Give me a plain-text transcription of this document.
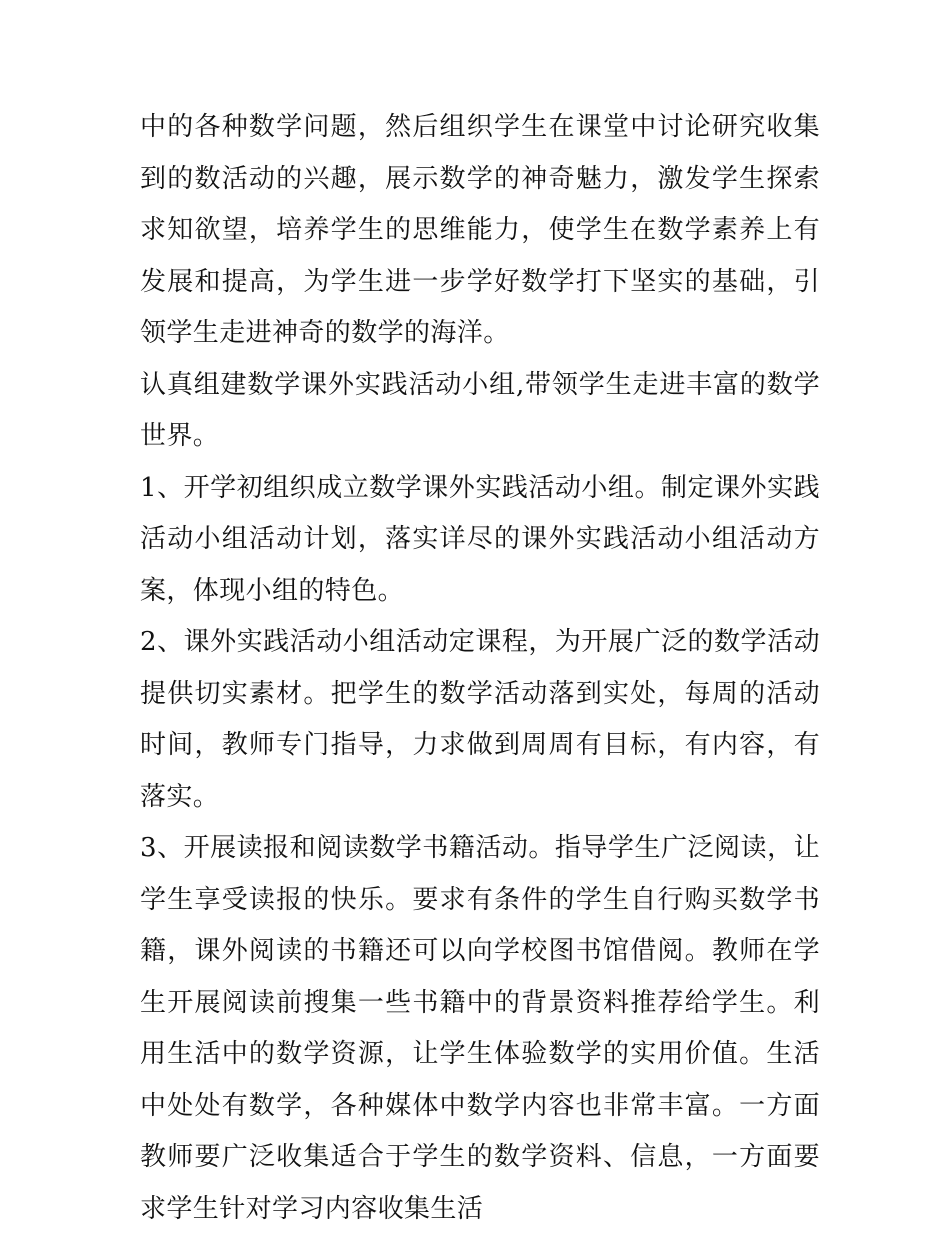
中的各种数学问题，然后组织学生在课堂中讨论研究收集到的数活动的兴趣，展示数学的神奇魅力，激发学生探索求知欲望，培养学生的思维能力，使学生在数学素养上有发展和提高，为学生进一步学好数学打下坚实的基础，引领学生走进神奇的数学的海洋。

认真组建数学课外实践活动小组,带领学生走进丰富的数学世界。

1、开学初组织成立数学课外实践活动小组。制定课外实践活动小组活动计划，落实详尽的课外实践活动小组活动方案，体现小组的特色。

2、课外实践活动小组活动定课程，为开展广泛的数学活动提供切实素材。把学生的数学活动落到实处，每周的活动时间，教师专门指导，力求做到周周有目标，有内容，有落实。

3、开展读报和阅读数学书籍活动。指导学生广泛阅读，让学生享受读报的快乐。要求有条件的学生自行购买数学书籍，课外阅读的书籍还可以向学校图书馆借阅。教师在学生开展阅读前搜集一些书籍中的背景资料推荐给学生。利用生活中的数学资源，让学生体验数学的实用价值。生活中处处有数学，各种媒体中数学内容也非常丰富。一方面教师要广泛收集适合于学生的数学资料、信息，一方面要求学生针对学习内容收集生活
